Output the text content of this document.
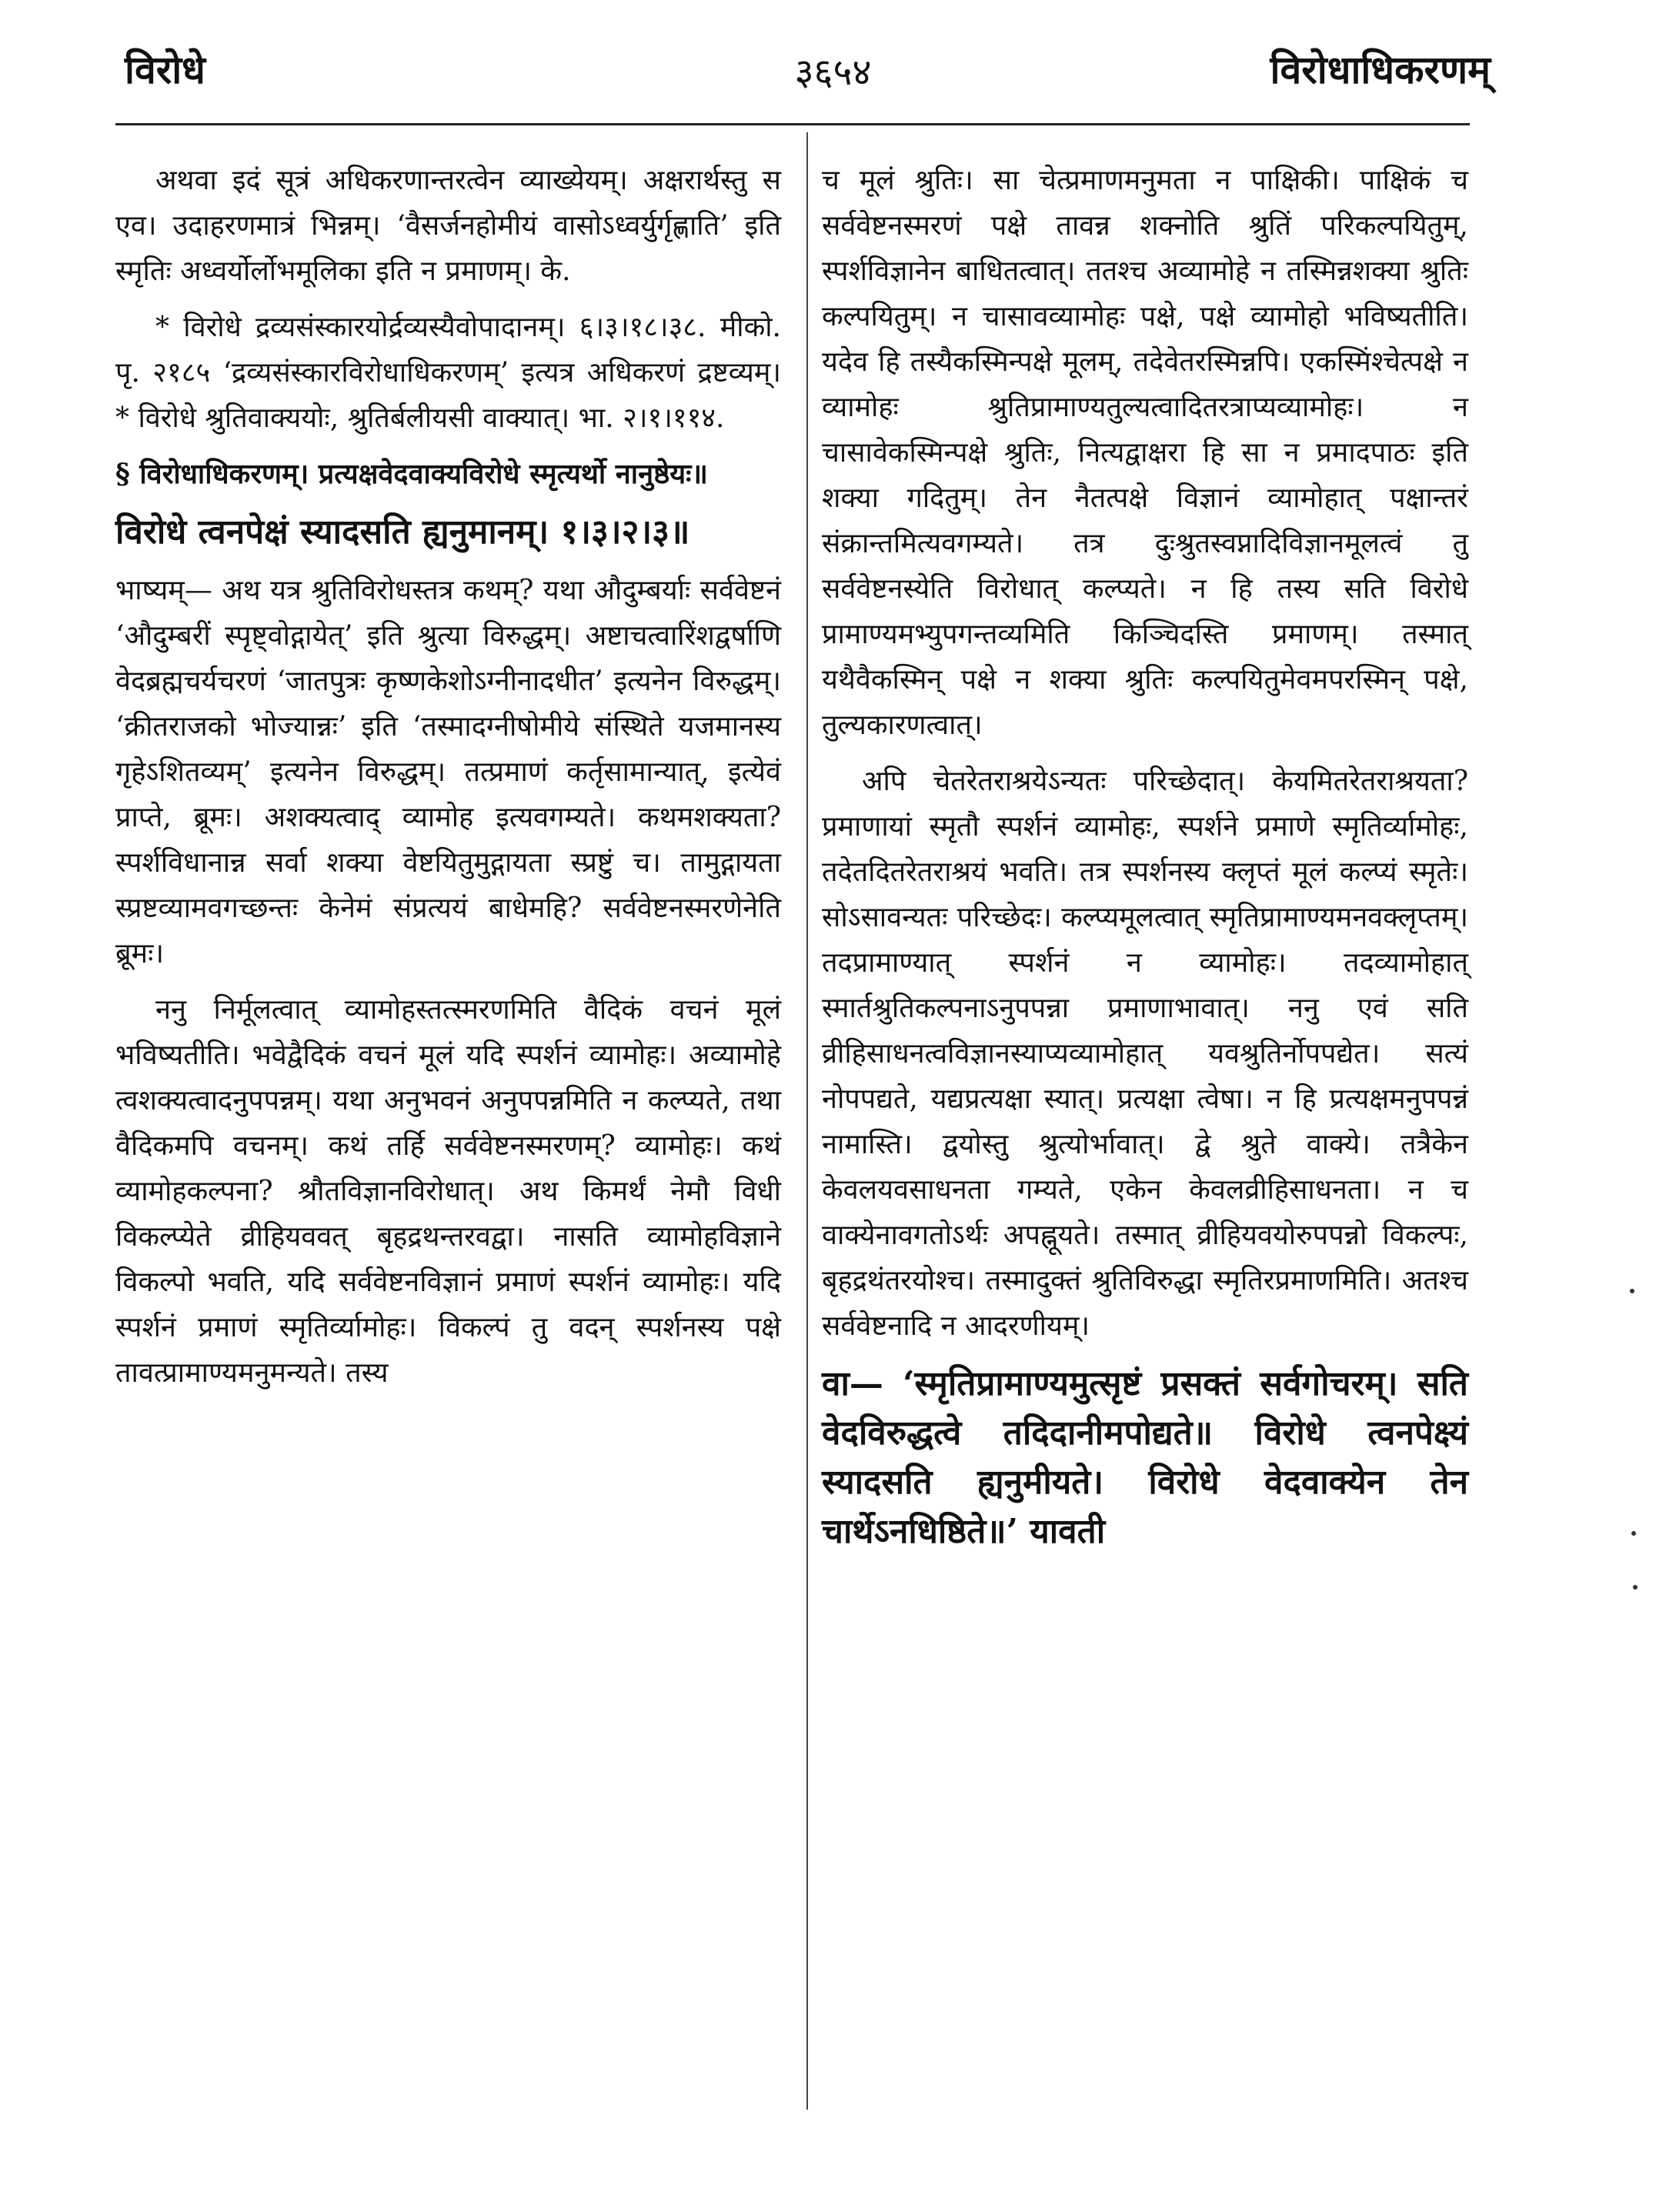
विरोधे	३६५४	विरोधाधिकरणम्

अथवा इदं सूत्रं अधिकरणान्तरत्वेन व्याख्येयम्। अक्षरार्थस्तु स एव। उदाहरणमात्रं भिन्नम्। ‘वैसर्जनहोमीयं वासोऽध्वर्युर्गृह्णाति’ इति स्मृतिः अध्वर्योर्लोभमूलिका इति न प्रमाणम्। के.

* विरोधे द्रव्यसंस्कारयोर्द्रव्यस्यैवोपादानम्। ६।३।१८।३८. मीको. पृ. २१८५ ‘द्रव्यसंस्कारविरोधाधिकरणम्’ इत्यत्र अधिकरणं द्रष्टव्यम्। * विरोधे श्रुतिवाक्ययोः, श्रुतिर्बलीयसी वाक्यात्। भा. २।१।११४.

§ विरोधाधिकरणम्। प्रत्यक्षवेदवाक्यविरोधे स्मृत्यर्थो नानुष्ठेयः॥

विरोधे त्वनपेक्षं स्यादसति ह्यनुमानम्। १।३।२।३॥

भाष्यम्— अथ यत्र श्रुतिविरोधस्तत्र कथम्? यथा औदुम्बर्याः सर्ववेष्टनं ‘औदुम्बरीं स्पृष्ट्वोद्गायेत्’ इति श्रुत्या विरुद्धम्। अष्टाचत्वारिंशद्वर्षाणि वेदब्रह्मचर्यचरणं ‘जातपुत्रः कृष्णकेशोऽग्नीनादधीत’ इत्यनेन विरुद्धम्। ‘क्रीतराजको भोज्यान्नः’ इति ‘तस्मादग्नीषोमीये संस्थिते यजमानस्य गृहेऽशितव्यम्’ इत्यनेन विरुद्धम्। तत्प्रमाणं कर्तृसामान्यात्, इत्येवं प्राप्ते, ब्रूमः। अशक्यत्वाद् व्यामोह इत्यवगम्यते। कथमशक्यता? स्पर्शविधानान्न सर्वा शक्या वेष्टयितुमुद्गायता स्प्रष्टुं च। तामुद्गायता स्प्रष्टव्यामवगच्छन्तः केनेमं संप्रत्ययं बाधेमहि? सर्ववेष्टनस्मरणेनेति ब्रूमः।

ननु निर्मूलत्वात् व्यामोहस्तत्स्मरणमिति वैदिकं वचनं मूलं भविष्यतीति। भवेद्वैदिकं वचनं मूलं यदि स्पर्शनं व्यामोहः। अव्यामोहे त्वशक्यत्वादनुपपन्नम्। यथा अनुभवनं अनुपपन्नमिति न कल्प्यते, तथा वैदिकमपि वचनम्। कथं तर्हि सर्ववेष्टनस्मरणम्? व्यामोहः। कथं व्यामोहकल्पना? श्रौतविज्ञानविरोधात्। अथ किमर्थं नेमौ विधी विकल्प्येते व्रीहियववत् बृहद्रथन्तरवद्वा। नासति व्यामोहविज्ञाने विकल्पो भवति, यदि सर्ववेष्टनविज्ञानं प्रमाणं स्पर्शनं व्यामोहः। यदि स्पर्शनं प्रमाणं स्मृतिर्व्यामोहः। विकल्पं तु वदन् स्पर्शनस्य पक्षे तावत्प्रामाण्यमनुमन्यते। तस्य

च मूलं श्रुतिः। सा चेत्प्रमाणमनुमता न पाक्षिकी। पाक्षिकं च सर्ववेष्टनस्मरणं पक्षे तावन्न शक्नोति श्रुतिं परिकल्पयितुम्, स्पर्शविज्ञानेन बाधितत्वात्। ततश्च अव्यामोहे न तस्मिन्नशक्या श्रुतिः कल्पयितुम्। न चासावव्यामोहः पक्षे, पक्षे व्यामोहो भविष्यतीति। यदेव हि तस्यैकस्मिन्पक्षे मूलम्, तदेवेतरस्मिन्नपि। एकस्मिंश्चेत्पक्षे न व्यामोहः श्रुतिप्रामाण्यतुल्यत्वादितरत्राप्यव्यामोहः। न चासावेकस्मिन्पक्षे श्रुतिः, नित्यद्वाक्षरा हि सा न प्रमादपाठः इति शक्या गदितुम्। तेन नैतत्पक्षे विज्ञानं व्यामोहात् पक्षान्तरं संक्रान्तमित्यवगम्यते। तत्र दुःश्रुतस्वप्नादिविज्ञानमूलत्वं तु सर्ववेष्टनस्येति विरोधात् कल्प्यते। न हि तस्य सति विरोधे प्रामाण्यमभ्युपगन्तव्यमिति किञ्चिदस्ति प्रमाणम्। तस्मात् यथैवैकस्मिन् पक्षे न शक्या श्रुतिः कल्पयितुमेवमपरस्मिन् पक्षे, तुल्यकारणत्वात्।

अपि चेतरेतराश्रयेऽन्यतः परिच्छेदात्। केयमितरेतराश्रयता? प्रमाणायां स्मृतौ स्पर्शनं व्यामोहः, स्पर्शने प्रमाणे स्मृतिर्व्यामोहः, तदेतदितरेतराश्रयं भवति। तत्र स्पर्शनस्य क्लृप्तं मूलं कल्प्यं स्मृतेः। सोऽसावन्यतः परिच्छेदः। कल्प्यमूलत्वात् स्मृतिप्रामाण्यमनवक्लृप्तम्। तदप्रामाण्यात् स्पर्शनं न व्यामोहः। तदव्यामोहात् स्मार्तश्रुतिकल्पनाऽनुपपन्ना प्रमाणाभावात्। ननु एवं सति व्रीहिसाधनत्वविज्ञानस्याप्यव्यामोहात् यवश्रुतिर्नोपपद्येत। सत्यं नोपपद्यते, यद्यप्रत्यक्षा स्यात्। प्रत्यक्षा त्वेषा। न हि प्रत्यक्षमनुपपन्नं नामास्ति। द्वयोस्तु श्रुत्योर्भावात्। द्वे श्रुते वाक्ये। तत्रैकेन केवलयवसाधनता गम्यते, एकेन केवलव्रीहिसाधनता। न च वाक्येनावगतोऽर्थः अपह्नूयते। तस्मात् व्रीहियवयोरुपपन्नो विकल्पः, बृहद्रथंतरयोश्च। तस्मादुक्तं श्रुतिविरुद्धा स्मृतिरप्रमाणमिति। अतश्च सर्ववेष्टनादि न आदरणीयम्।

वा— ‘स्मृतिप्रामाण्यमुत्सृष्टं प्रसक्तं सर्वगोचरम्। सति वेदविरुद्धत्वे तदिदानीमपोद्यते॥ विरोधे त्वनपेक्ष्यं स्यादसति ह्यनुमीयते। विरोधे वेदवाक्येन तेन चार्थेऽनधिष्ठिते॥’ यावती
